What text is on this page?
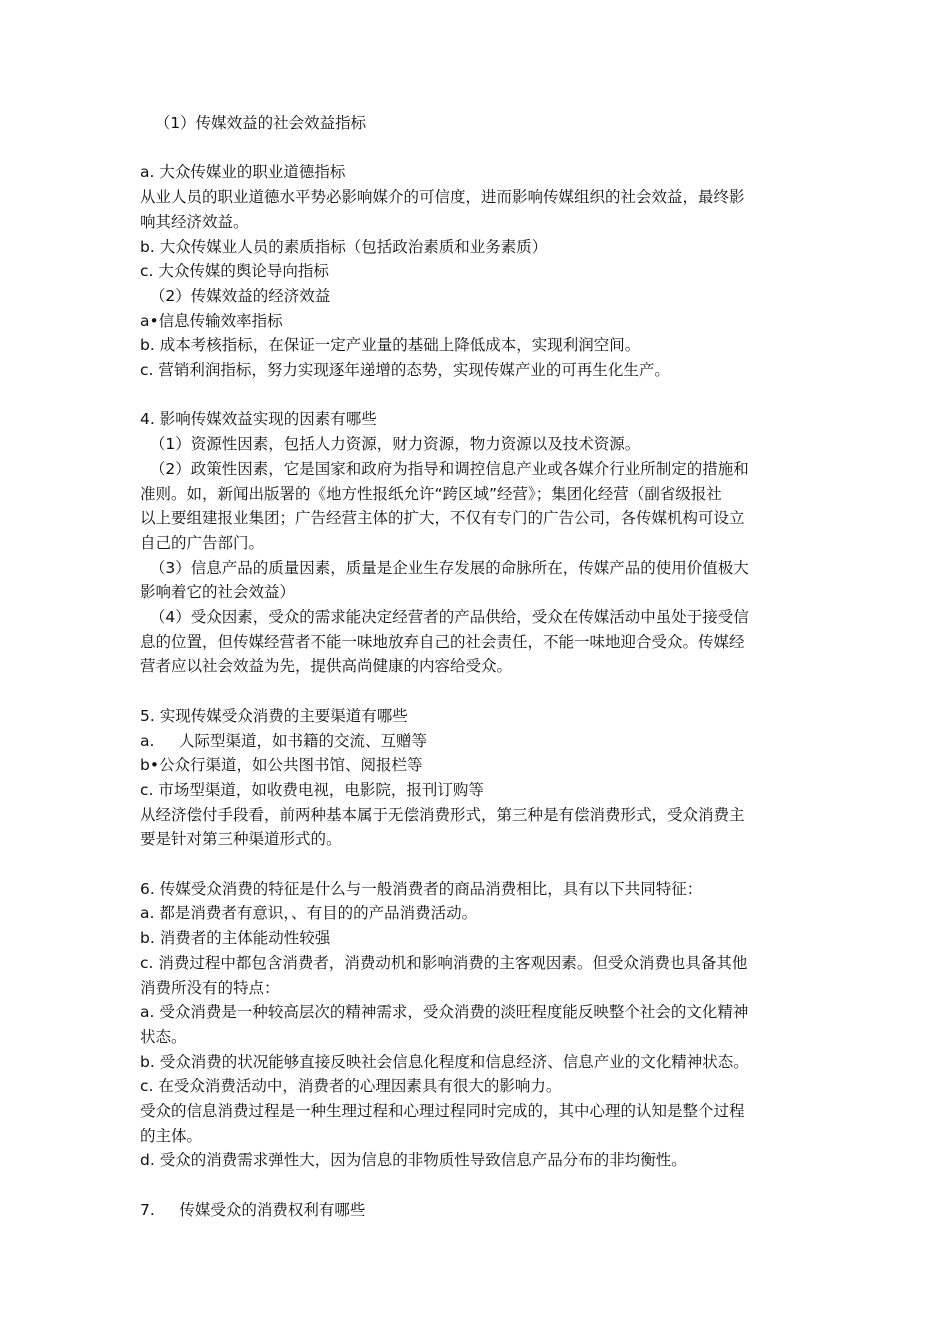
（1）传媒效益的社会效益指标

a. 大众传媒业的职业道德指标

从业人员的职业道德水平势必影响媒介的可信度，进而影响传媒组织的社会效益，最终影

响其经济效益。

b. 大众传媒业人员的素质指标（包括政治素质和业务素质）

c. 大众传媒的舆论导向指标

（2）传媒效益的经济效益

a•信息传输效率指标

b. 成本考核指标，在保证一定产业量的基础上降低成本，实现利润空间。

c. 营销利润指标，努力实现逐年递增的态势，实现传媒产业的可再生化生产。

4. 影响传媒效益实现的因素有哪些

（1）资源性因素，包括人力资源，财力资源，物力资源以及技术资源。

（2）政策性因素，它是国家和政府为指导和调控信息产业或各媒介行业所制定的措施和

准则。如，新闻出版署的《地方性报纸允许“跨区域”经营》；集团化经营（副省级报社

以上要组建报业集团；广告经营主体的扩大，不仅有专门的广告公司，各传媒机构可设立

自己的广告部门。

（3）信息产品的质量因素，质量是企业生存发展的命脉所在，传媒产品的使用价值极大

影响着它的社会效益）

（4）受众因素，受众的需求能决定经营者的产品供给，受众在传媒活动中虽处于接受信

息的位置，但传媒经营者不能一味地放弃自己的社会责任，不能一味地迎合受众。传媒经

营者应以社会效益为先，提供高尚健康的内容给受众。

5. 实现传媒受众消费的主要渠道有哪些

a.     人际型渠道，如书籍的交流、互赠等

b•公众行渠道，如公共图书馆、阅报栏等

c. 市场型渠道，如收费电视，电影院，报刊订购等

从经济偿付手段看，前两种基本属于无偿消费形式，第三种是有偿消费形式，受众消费主

要是针对第三种渠道形式的。

6. 传媒受众消费的特征是什么与一般消费者的商品消费相比，具有以下共同特征：

a. 都是消费者有意识，、有目的的产品消费活动。

b. 消费者的主体能动性较强

c. 消费过程中都包含消费者，消费动机和影响消费的主客观因素。但受众消费也具备其他

消费所没有的特点：

a. 受众消费是一种较高层次的精神需求，受众消费的淡旺程度能反映整个社会的文化精神

状态。

b. 受众消费的状况能够直接反映社会信息化程度和信息经济、信息产业的文化精神状态。

c. 在受众消费活动中，消费者的心理因素具有很大的影响力。

受众的信息消费过程是一种生理过程和心理过程同时完成的，其中心理的认知是整个过程

的主体。

d. 受众的消费需求弹性大，因为信息的非物质性导致信息产品分布的非均衡性。

7.     传媒受众的消费权利有哪些
